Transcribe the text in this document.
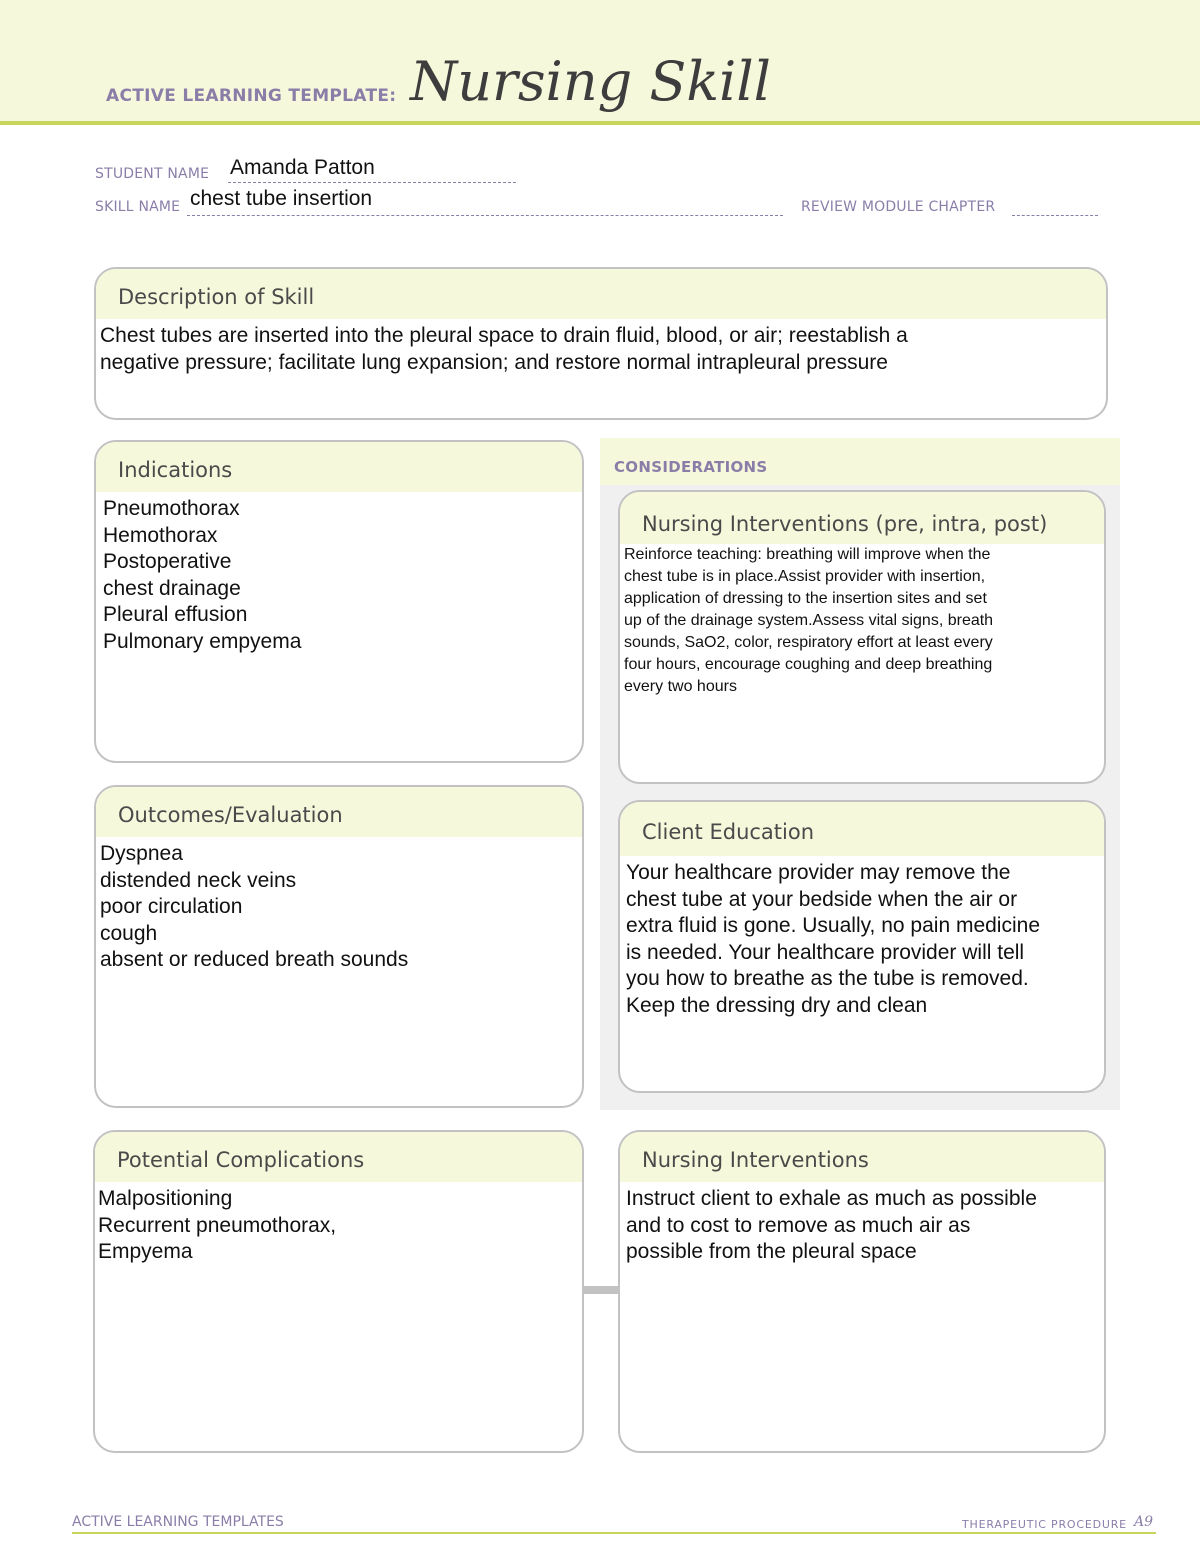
ACTIVE LEARNING TEMPLATE: Nursing Skill
STUDENT NAME Amanda Patton
SKILL NAME chest tube insertion	REVIEW MODULE CHAPTER
Description of Skill
Chest tubes are inserted into the pleural space to drain fluid, blood, or air; reestablish a
negative pressure; facilitate lung expansion; and restore normal intrapleural pressure
Indications
Pneumothorax
Hemothorax
Postoperative
chest drainage
Pleural effusion
Pulmonary empyema
CONSIDERATIONS
Nursing Interventions (pre, intra, post)
Reinforce teaching: breathing will improve when the
chest tube is in place.Assist provider with insertion,
application of dressing to the insertion sites and set
up of the drainage system.Assess vital signs, breath
sounds, SaO2, color, respiratory effort at least every
four hours, encourage coughing and deep breathing
every two hours
Client Education
Your healthcare provider may remove the
chest tube at your bedside when the air or
extra fluid is gone. Usually, no pain medicine
is needed. Your healthcare provider will tell
you how to breathe as the tube is removed.
Keep the dressing dry and clean
Outcomes/Evaluation
Dyspnea
distended neck veins
poor circulation
cough
absent or reduced breath sounds
Potential Complications
Malpositioning
Recurrent pneumothorax,
Empyema
Nursing Interventions
Instruct client to exhale as much as possible
and to cost to remove as much air as
possible from the pleural space
ACTIVE LEARNING TEMPLATES	THERAPEUTIC PROCEDURE A9
